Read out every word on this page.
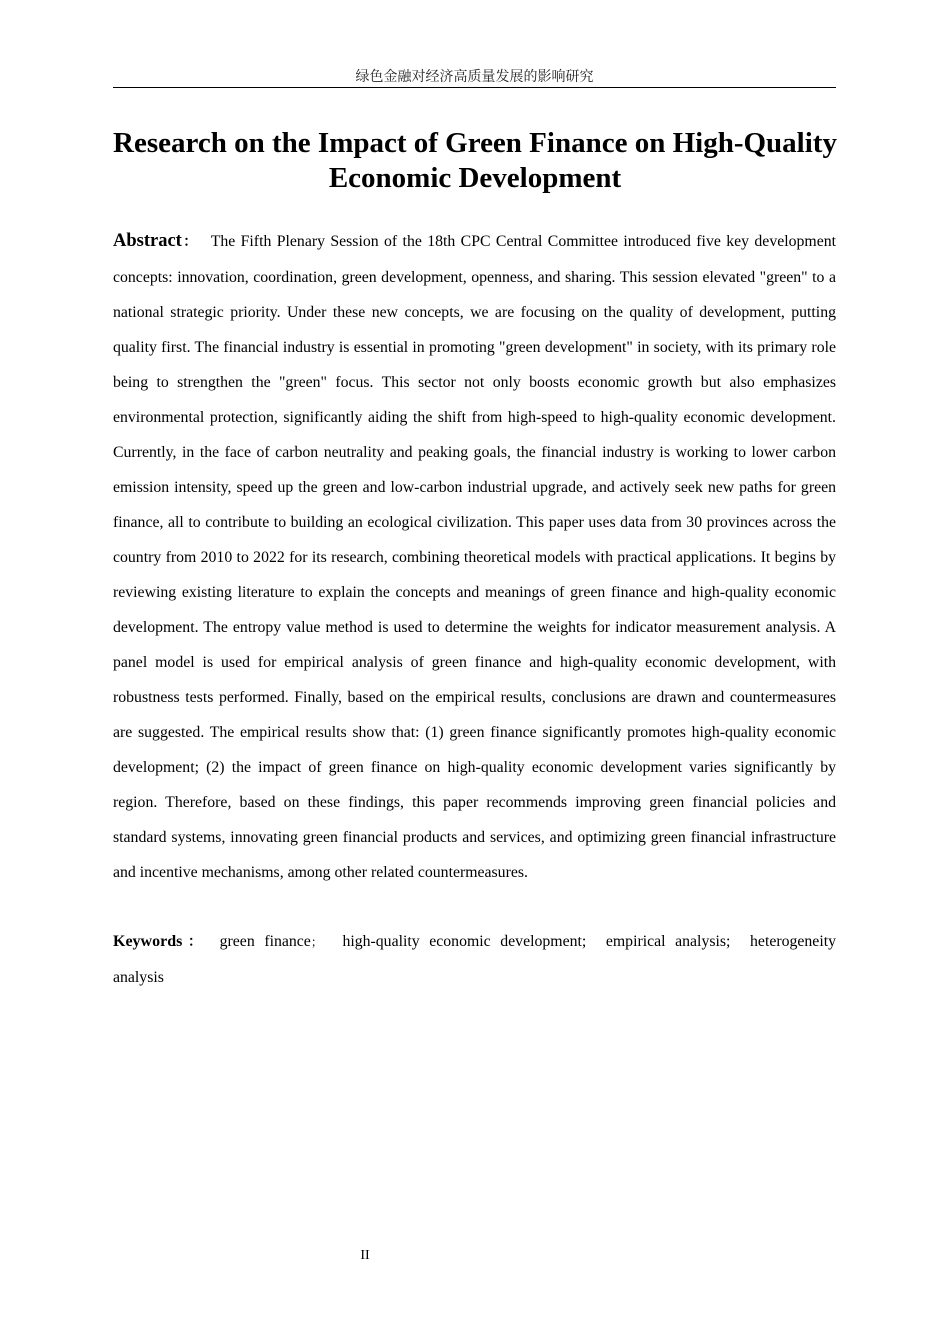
绿色金融对经济高质量发展的影响研究
Research on the Impact of Green Finance on High-Quality Economic Development

Abstract： The Fifth Plenary Session of the 18th CPC Central Committee introduced five key development concepts: innovation, coordination, green development, openness, and sharing. This session elevated "green" to a national strategic priority. Under these new concepts, we are focusing on the quality of development, putting quality first. The financial industry is essential in promoting "green development" in society, with its primary role being to strengthen the "green" focus. This sector not only boosts economic growth but also emphasizes environmental protection, significantly aiding the shift from high-speed to high-quality economic development. Currently, in the face of carbon neutrality and peaking goals, the financial industry is working to lower carbon emission intensity, speed up the green and low-carbon industrial upgrade, and actively seek new paths for green finance, all to contribute to building an ecological civilization. This paper uses data from 30 provinces across the country from 2010 to 2022 for its research, combining theoretical models with practical applications. It begins by reviewing existing literature to explain the concepts and meanings of green finance and high-quality economic development. The entropy value method is used to determine the weights for indicator measurement analysis. A panel model is used for empirical analysis of green finance and high-quality economic development, with robustness tests performed. Finally, based on the empirical results, conclusions are drawn and countermeasures are suggested. The empirical results show that: (1) green finance significantly promotes high-quality economic development; (2) the impact of green finance on high-quality economic development varies significantly by region. Therefore, based on these findings, this paper recommends improving green financial policies and standard systems, innovating green financial products and services, and optimizing green financial infrastructure and incentive mechanisms, among other related countermeasures.

Keywords： green finance； high-quality economic development; empirical analysis; heterogeneity analysis

II
